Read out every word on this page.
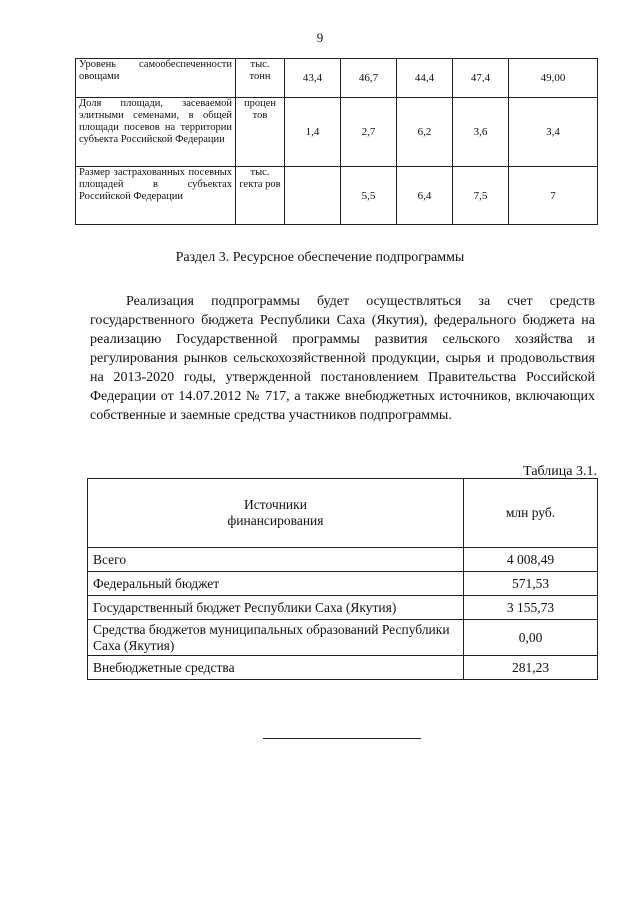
9
Уровень самообеспеченности овощами	тыс. тонн	43,4	46,7	44,4	47,4	49,00
Доля площади, засеваемой элитными семенами, в общей площади посевов на территории субъекта Российской Федерации	процен тов	1,4	2,7	6,2	3,6	3,4
Размер застрахованных посевных площадей в субъектах Российской Федерации	тыс. гекта ров		5,5	6,4	7,5	7
Раздел 3. Ресурсное обеспечение подпрограммы

Реализация подпрограммы будет осуществляться за счет средств государственного бюджета Республики Саха (Якутия), федерального бюджета на реализацию Государственной программы развития сельского хозяйства и регулирования рынков сельскохозяйственной продукции, сырья и продовольствия на 2013-2020 годы, утвержденной постановлением Правительства Российской Федерации от 14.07.2012 № 717, а также внебюджетных источников, включающих собственные и заемные средства участников подпрограммы.

Таблица 3.1.
Источники
финансирования	млн руб.
Всего	4 008,49
Федеральный бюджет	571,53
Государственный бюджет Республики Саха (Якутия)	3 155,73
Средства бюджетов муниципальных образований Республики Саха (Якутия)	0,00
Внебюджетные средства	281,23
